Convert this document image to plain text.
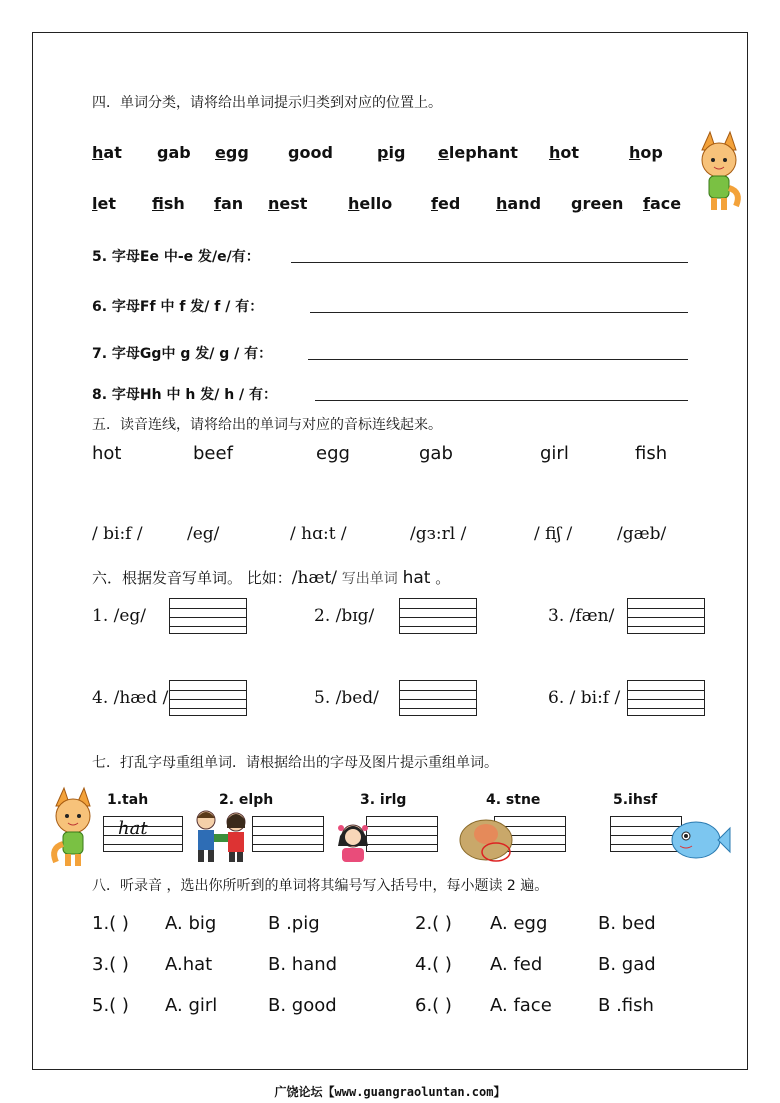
四．单词分类，请将给出单词提示归类到对应的位置上。
hat gab egg good	pig elephant hot	hop
let fish fan nest	hello fed hand green face
5. 字母Ee 中-e 发/e/有：
6. 字母Ff 中 f 发/ f / 有：
7. 字母Gg中 g 发/ g / 有：
8. 字母Hh 中 h 发/ h / 有：
五．读音连线，请将给出的单词与对应的音标连线起来。
hot	beef	egg	gab	girl	fish
/ bi:f /	/eg/	/ hɑ:t /	/gз:rl /	/ fiʃ /	/gæb/
六．根据发音写单词。 比如：/hæt/ 写出单词 hat 。
1. /eg/	2. /bɪg/	3. /fæn/
4. /hæd /	5. /bed/	6. / bi:f /
七．打乱字母重组单词．请根据给出的字母及图片提示重组单词。
1.tah	2. elph	3. irlg	4. stne	5.ihsf
hat
八．听录音 ，选出你所听到的单词将其编号写入括号中，每小题读 2 遍。
1.( ) A. big	B .pig	2.( ) A. egg	B. bed
3.( ) A.hat	B. hand	4.( ) A. fed	B. gad
5.( ) A. girl	B. good	6.( ) A. face	B .fish
广饶论坛【www.guangraoluntan.com】
